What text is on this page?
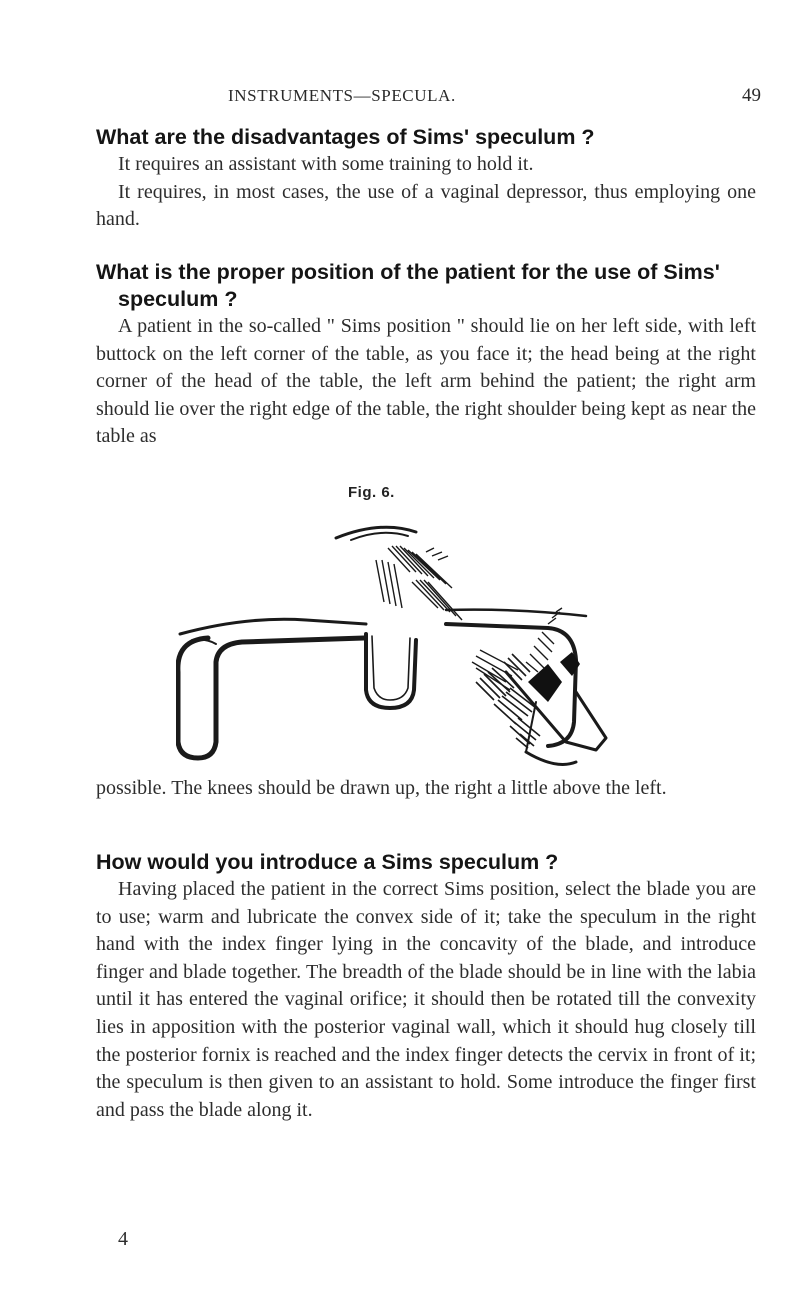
INSTRUMENTS—SPECULA.	49

What are the disadvantages of Sims' speculum ?

It requires an assistant with some training to hold it.

It requires, in most cases, the use of a vaginal depressor, thus employing one hand.

What is the proper position of the patient for the use of Sims' speculum ?

A patient in the so-called " Sims position " should lie on her left side, with left buttock on the left corner of the table, as you face it; the head being at the right corner of the head of the table, the left arm behind the patient; the right arm should lie over the right edge of the table, the right shoulder being kept as near the table as

Fig. 6.

possible. The knees should be drawn up, the right a little above the left.

How would you introduce a Sims speculum ?

Having placed the patient in the correct Sims position, select the blade you are to use; warm and lubricate the convex side of it; take the speculum in the right hand with the index finger lying in the concavity of the blade, and introduce finger and blade together. The breadth of the blade should be in line with the labia until it has entered the vaginal orifice; it should then be rotated till the convexity lies in apposition with the posterior vaginal wall, which it should hug closely till the posterior fornix is reached and the index finger detects the cervix in front of it; the speculum is then given to an assistant to hold. Some introduce the finger first and pass the blade along it.

4
